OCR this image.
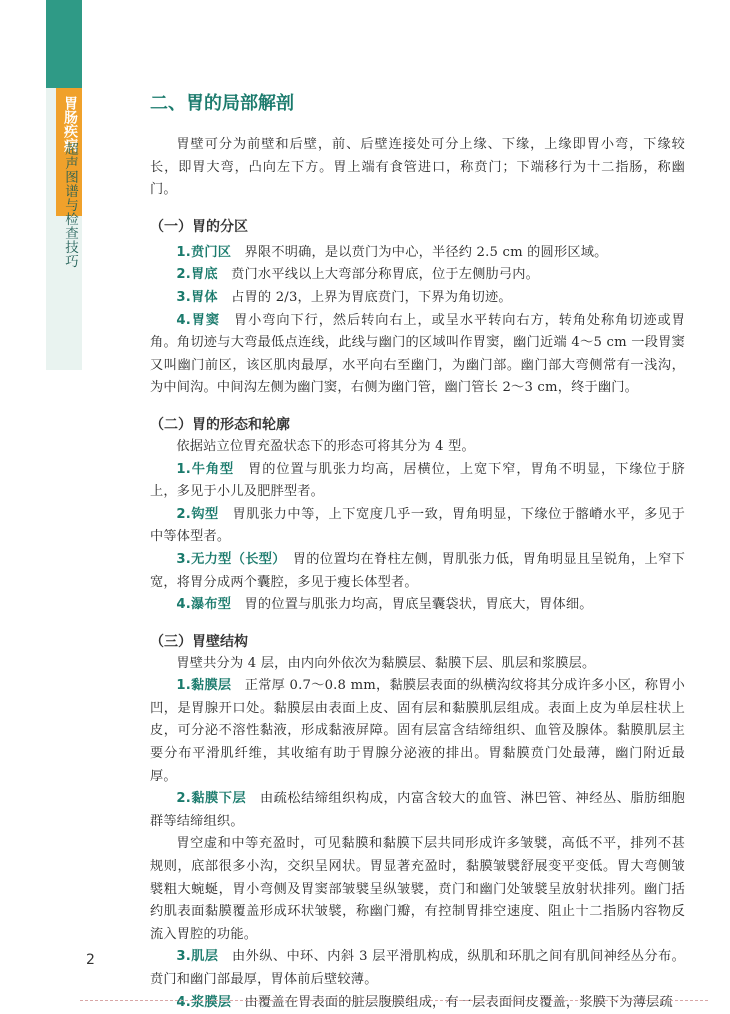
胃肠疾病
超声图谱与检查技巧
二、胃的局部解剖

胃壁可分为前壁和后壁，前、后壁连接处可分上缘、下缘，上缘即胃小弯，下缘较长，即胃大弯，凸向左下方。胃上端有食管进口，称贲门；下端移行为十二指肠，称幽门。

（一）胃的分区

1.贲门区　界限不明确，是以贲门为中心，半径约 2.5 cm 的圆形区域。

2.胃底　贲门水平线以上大弯部分称胃底，位于左侧肋弓内。

3.胃体　占胃的 2/3，上界为胃底贲门，下界为角切迹。

4.胃窦　胃小弯向下行，然后转向右上，或呈水平转向右方，转角处称角切迹或胃角。角切迹与大弯最低点连线，此线与幽门的区域叫作胃窦，幽门近端 4～5 cm 一段胃窦又叫幽门前区，该区肌肉最厚，水平向右至幽门，为幽门部。幽门部大弯侧常有一浅沟，为中间沟。中间沟左侧为幽门窦，右侧为幽门管，幽门管长 2～3 cm，终于幽门。

（二）胃的形态和轮廓

依据站立位胃充盈状态下的形态可将其分为 4 型。

1.牛角型　胃的位置与肌张力均高，居横位，上宽下窄，胃角不明显，下缘位于脐上，多见于小儿及肥胖型者。

2.钩型　胃肌张力中等，上下宽度几乎一致，胃角明显，下缘位于髂嵴水平，多见于中等体型者。

3.无力型（长型）　胃的位置均在脊柱左侧，胃肌张力低，胃角明显且呈锐角，上窄下宽，将胃分成两个囊腔，多见于瘦长体型者。

4.瀑布型　胃的位置与肌张力均高，胃底呈囊袋状，胃底大，胃体细。

（三）胃壁结构

胃壁共分为 4 层，由内向外依次为黏膜层、黏膜下层、肌层和浆膜层。

1.黏膜层　正常厚 0.7～0.8 mm，黏膜层表面的纵横沟纹将其分成许多小区，称胃小凹，是胃腺开口处。黏膜层由表面上皮、固有层和黏膜肌层组成。表面上皮为单层柱状上皮，可分泌不溶性黏液，形成黏液屏障。固有层富含结缔组织、血管及腺体。黏膜肌层主要分布平滑肌纤维，其收缩有助于胃腺分泌液的排出。胃黏膜贲门处最薄，幽门附近最厚。

2.黏膜下层　由疏松结缔组织构成，内富含较大的血管、淋巴管、神经丛、脂肪细胞群等结缔组织。

胃空虚和中等充盈时，可见黏膜和黏膜下层共同形成许多皱襞，高低不平，排列不甚规则，底部很多小沟，交织呈网状。胃显著充盈时，黏膜皱襞舒展变平变低。胃大弯侧皱襞粗大蜿蜒，胃小弯侧及胃窦部皱襞呈纵皱襞，贲门和幽门处皱襞呈放射状排列。幽门括约肌表面黏膜覆盖形成环状皱襞，称幽门瓣，有控制胃排空速度、阻止十二指肠内容物反流入胃腔的功能。

3.肌层　由外纵、中环、内斜 3 层平滑肌构成，纵肌和环肌之间有肌间神经丛分布。贲门和幽门部最厚，胃体前后壁较薄。

4.浆膜层　由覆盖在胃表面的脏层腹膜组成，有一层表面间皮覆盖，浆膜下为薄层疏

2
